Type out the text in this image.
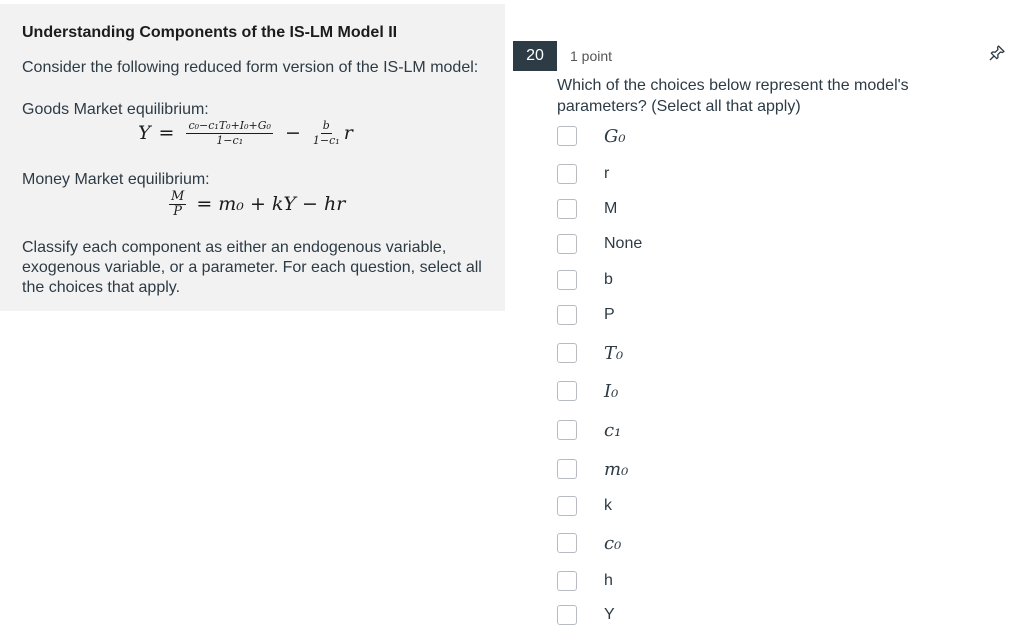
Understanding Components of the IS-LM Model II
Consider the following reduced form version of the IS-LM model:
Goods Market equilibrium:
$Y = \frac{\text{c₀−c₁T₀+I₀+G₀}}{\text{1−c₁}} - \frac{b}{\text{1−c₁}}$ r
Money Market equilibrium:
$\frac{M}{P} = m_0$ + kY − hr
Classify each component as either an endogenous variable, exogenous variable, or a parameter. For each question, select all the choices that apply.
20	1 point
Which of the choices below represent the model's parameters? (Select all that apply)
G₀
r
M
None
b
P
T₀
I₀
c₁
m₀
k
c₀
h
Y
